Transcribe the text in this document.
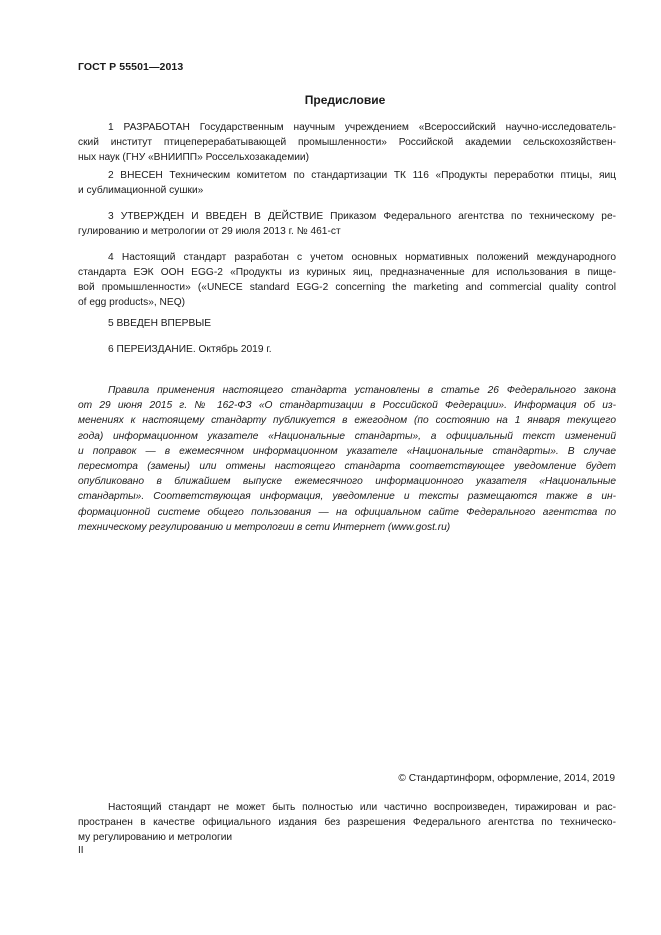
ГОСТ Р 55501—2013
Предисловие
1 РАЗРАБОТАН Государственным научным учреждением «Всероссийский научно-исследователь-
ский институт птицеперерабатывающей промышленности» Российской академии сельскохозяйствен-
ных наук (ГНУ «ВНИИПП» Россельхозакадемии)
2 ВНЕСЕН Техническим комитетом по стандартизации ТК 116 «Продукты переработки птицы, яиц
и сублимационной сушки»
3 УТВЕРЖДЕН И ВВЕДЕН В ДЕЙСТВИЕ Приказом Федерального агентства по техническому ре-
гулированию и метрологии от 29 июля 2013 г. № 461-ст
4 Настоящий стандарт разработан с учетом основных нормативных положений международного
стандарта ЕЭК ООН EGG-2 «Продукты из куриных яиц, предназначенные для использования в пище-
вой промышленности» («UNECE standard EGG-2 concerning the marketing and commercial quality control
of egg products», NEQ)
5 ВВЕДЕН ВПЕРВЫЕ
6 ПЕРЕИЗДАНИЕ. Октябрь 2019 г.
Правила применения настоящего стандарта установлены в статье 26 Федерального закона
от 29 июня 2015 г. № 162-ФЗ «О стандартизации в Российской Федерации». Информация об из-
менениях к настоящему стандарту публикуется в ежегодном (по состоянию на 1 января текущего
года) информационном указателе «Национальные стандарты», а официальный текст изменений
и поправок — в ежемесячном информационном указателе «Национальные стандарты». В случае
пересмотра (замены) или отмены настоящего стандарта соответствующее уведомление будет
опубликовано в ближайшем выпуске ежемесячного информационного указателя «Национальные
стандарты». Соответствующая информация, уведомление и тексты размещаются также в ин-
формационной системе общего пользования — на официальном сайте Федерального агентства по
техническому регулированию и метрологии в сети Интернет (www.gost.ru)
© Стандартинформ, оформление, 2014, 2019
Настоящий стандарт не может быть полностью или частично воспроизведен, тиражирован и рас-
пространен в качестве официального издания без разрешения Федерального агентства по техническо-
му регулированию и метрологии
II
